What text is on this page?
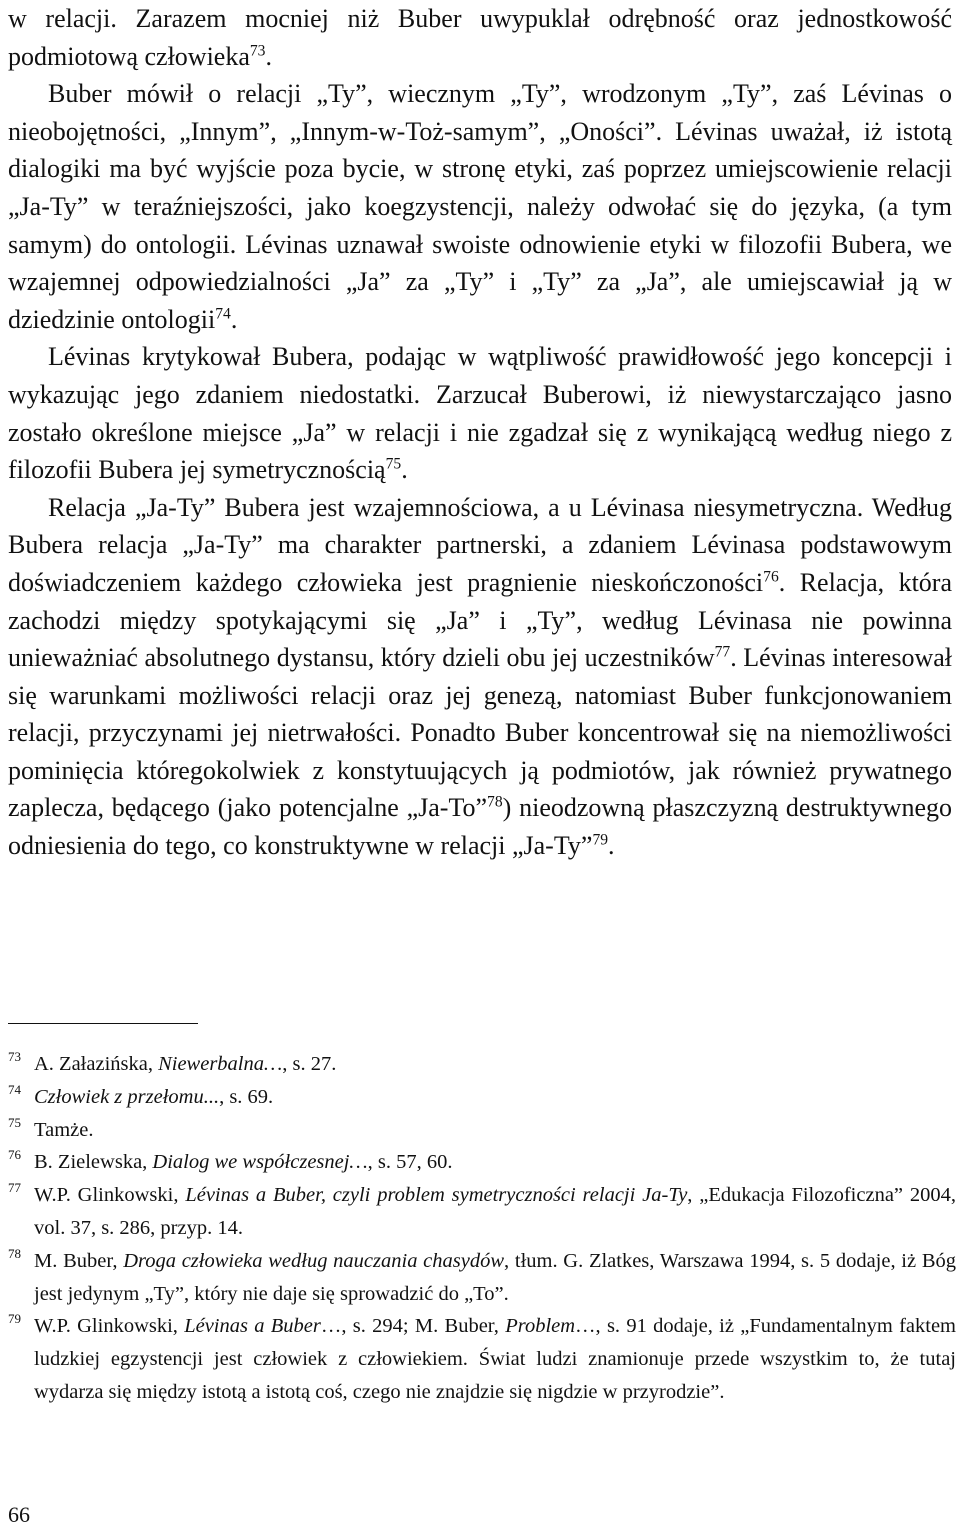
w relacji. Zarazem mocniej niż Buber uwypuklał odrębność oraz jednostkowość podmiotową człowieka$^{73}$.

Buber mówił o relacji „Ty”, wiecznym „Ty”, wrodzonym „Ty”, zaś Lévinas o nieobojętności, „Innym”, „Innym-w-Toż-samym”, „Oności”. Lévinas uważał, iż istotą dialogiki ma być wyjście poza bycie, w stronę etyki, zaś poprzez umiejscowienie relacji „Ja-Ty” w teraźniejszości, jako koegzystencji, należy odwołać się do języka, (a tym samym) do ontologii. Lévinas uznawał swoiste odnowienie etyki w filozofii Bubera, we wzajemnej odpowiedzialności „Ja” za „Ty” i „Ty” za „Ja”, ale umiejscawiał ją w dziedzinie ontologii$^{74}$.

Lévinas krytykował Bubera, podając w wątpliwość prawidłowość jego koncepcji i wykazując jego zdaniem niedostatki. Zarzucał Buberowi, iż niewystarczająco jasno zostało określone miejsce „Ja” w relacji i nie zgadzał się z wynikającą według niego z filozofii Bubera jej symetrycznością$^{75}$.

Relacja „Ja-Ty” Bubera jest wzajemnościowa, a u Lévinasa niesymetryczna. Według Bubera relacja „Ja-Ty” ma charakter partnerski, a zdaniem Lévinasa podstawowym doświadczeniem każdego człowieka jest pragnienie nieskończoności$^{76}$. Relacja, która zachodzi między spotykającymi się „Ja” i „Ty”, według Lévinasa nie powinna unieważniać absolutnego dystansu, który dzieli obu jej uczestników$^{77}$. Lévinas interesował się warunkami możliwości relacji oraz jej genezą, natomiast Buber funkcjonowaniem relacji, przyczynami jej nietrwałości. Ponadto Buber koncentrował się na niemożliwości pominięcia któregokolwiek z konstytuujących ją podmiotów, jak również prywatnego zaplecza, będącego (jako potencjalne „Ja-To”$^{78}$) nieodzowną płaszczyzną destruktywnego odniesienia do tego, co konstruktywne w relacji „Ja-Ty”$^{79}$.

73 A. Załazińska, Niewerbalna…, s. 27.
74 Człowiek z przełomu..., s. 69.
75 Tamże.
76 B. Zielewska, Dialog we współczesnej…, s. 57, 60.
77 W.P. Glinkowski, Lévinas a Buber, czyli problem symetryczności relacji Ja-Ty, „Edukacja Filozoficzna” 2004, vol. 37, s. 286, przyp. 14.
78 M. Buber, Droga człowieka według nauczania chasydów, tłum. G. Zlatkes, Warszawa 1994, s. 5 dodaje, iż Bóg jest jedynym „Ty”, który nie daje się sprowadzić do „To”.
79 W.P. Glinkowski, Lévinas a Buber…, s. 294; M. Buber, Problem…, s. 91 dodaje, iż „Fundamentalnym faktem ludzkiej egzystencji jest człowiek z człowiekiem. Świat ludzi znamionuje przede wszystkim to, że tutaj wydarza się między istotą a istotą coś, czego nie znajdzie się nigdzie w przyrodzie”.
66
